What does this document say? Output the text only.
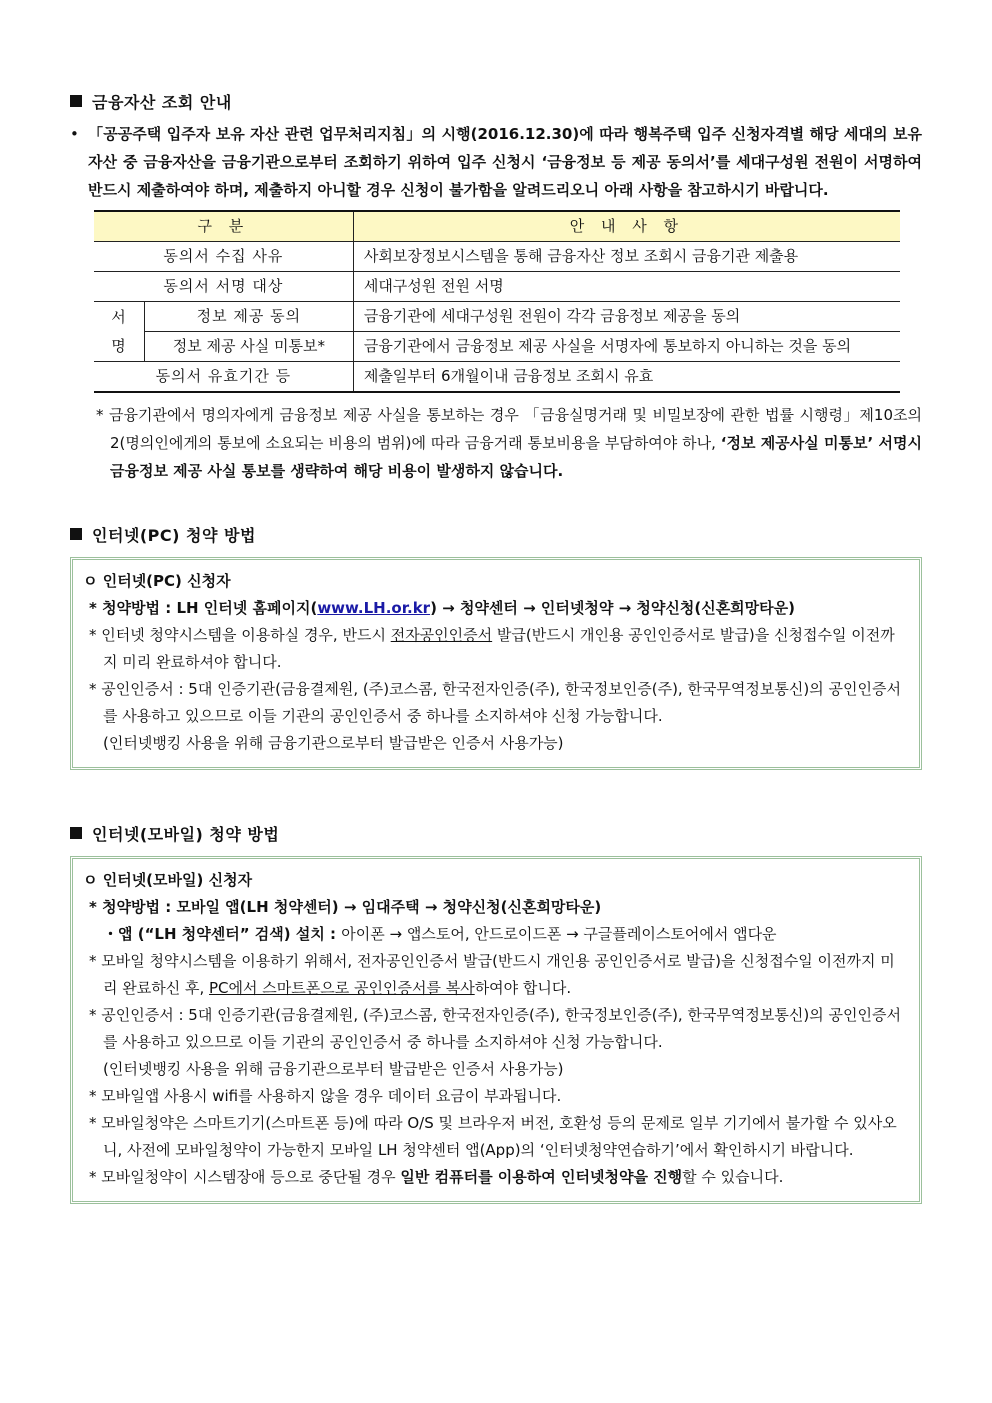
금융자산 조회 안내
• 「공공주택 입주자 보유 자산 관련 업무처리지침」의 시행(2016.12.30)에 따라 행복주택 입주 신청자격별 해당 세대의 보유 자산 중 금융자산을 금융기관으로부터 조회하기 위하여 입주 신청시 ‘금융정보 등 제공 동의서’를 세대구성원 전원이 서명하여 반드시 제출하여야 하며, 제출하지 아니할 경우 신청이 불가함을 알려드리오니 아래 사항을 참고하시기 바랍니다.
구 분		안 내 사 항
동의서 수집 사유		사회보장정보시스템을 통해 금융자산 정보 조회시 금융기관 제출용
동의서 서명 대상		세대구성원 전원 서명
서명	정보 제공 동의	금융기관에 세대구성원 전원이 각각 금융정보 제공을 동의
	정보 제공 사실 미통보*	금융기관에서 금융정보 제공 사실을 서명자에 통보하지 아니하는 것을 동의
동의서 유효기간 등		제출일부터 6개월이내 금융정보 조회시 유효
* 금융기관에서 명의자에게 금융정보 제공 사실을 통보하는 경우 「금융실명거래 및 비밀보장에 관한 법률 시행령」제10조의2(명의인에게의 통보에 소요되는 비용의 범위)에 따라 금융거래 통보비용을 부담하여야 하나, ‘정보 제공사실 미통보’ 서명시 금융정보 제공 사실 통보를 생략하여 해당 비용이 발생하지 않습니다.
인터넷(PC) 청약 방법
ㅇ 인터넷(PC) 신청자
* 청약방법 : LH 인터넷 홈페이지(www.LH.or.kr) → 청약센터 → 인터넷청약 → 청약신청(신혼희망타운)
* 인터넷 청약시스템을 이용하실 경우, 반드시 전자공인인증서 발급(반드시 개인용 공인인증서로 발급)을 신청접수일 이전까지 미리 완료하셔야 합니다.
* 공인인증서 : 5대 인증기관(금융결제원, (주)코스콤, 한국전자인증(주), 한국정보인증(주), 한국무역정보통신)의 공인인증서를 사용하고 있으므로 이들 기관의 공인인증서 중 하나를 소지하셔야 신청 가능합니다.
(인터넷뱅킹 사용을 위해 금융기관으로부터 발급받은 인증서 사용가능)
인터넷(모바일) 청약 방법
ㅇ 인터넷(모바일) 신청자
* 청약방법 : 모바일 앱(LH 청약센터) → 임대주택 → 청약신청(신혼희망타운)
・앱 (“LH 청약센터” 검색) 설치 : 아이폰 → 앱스토어, 안드로이드폰 → 구글플레이스토어에서 앱다운
* 모바일 청약시스템을 이용하기 위해서, 전자공인인증서 발급(반드시 개인용 공인인증서로 발급)을 신청접수일 이전까지 미리 완료하신 후, PC에서 스마트폰으로 공인인증서를 복사하여야 합니다.
* 공인인증서 : 5대 인증기관(금융결제원, (주)코스콤, 한국전자인증(주), 한국정보인증(주), 한국무역정보통신)의 공인인증서를 사용하고 있으므로 이들 기관의 공인인증서 중 하나를 소지하셔야 신청 가능합니다.
(인터넷뱅킹 사용을 위해 금융기관으로부터 발급받은 인증서 사용가능)
* 모바일앱 사용시 wifi를 사용하지 않을 경우 데이터 요금이 부과됩니다.
* 모바일청약은 스마트기기(스마트폰 등)에 따라 O/S 및 브라우저 버전, 호환성 등의 문제로 일부 기기에서 불가할 수 있사오니, 사전에 모바일청약이 가능한지 모바일 LH 청약센터 앱(App)의 ‘인터넷청약연습하기’에서 확인하시기 바랍니다.
* 모바일청약이 시스템장애 등으로 중단될 경우 일반 컴퓨터를 이용하여 인터넷청약을 진행할 수 있습니다.
